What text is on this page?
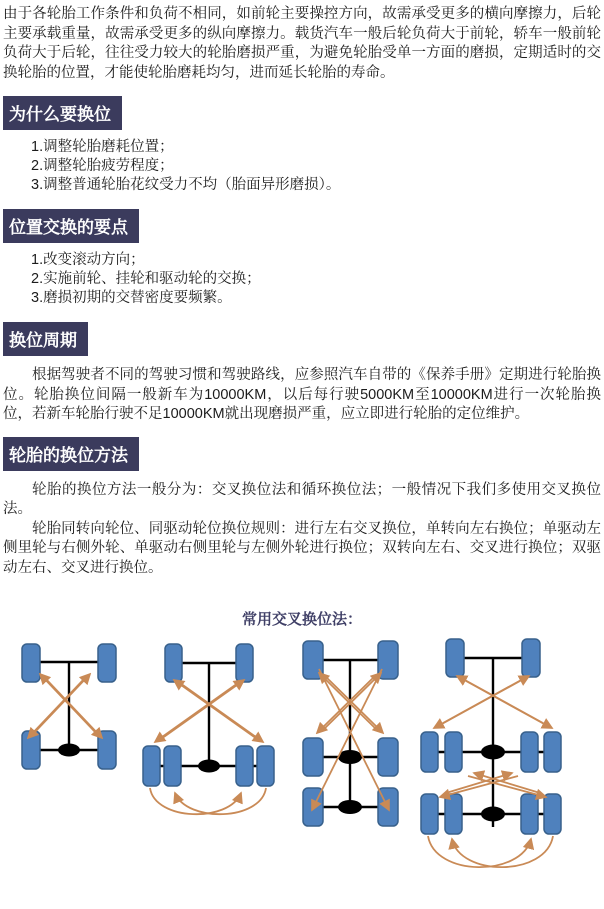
由于各轮胎工作条件和负荷不相同，如前轮主要操控方向，故需承受更多的横向摩擦力，后轮主要承载重量，故需承受更多的纵向摩擦力。载货汽车一般后轮负荷大于前轮，轿车一般前轮负荷大于后轮，往往受力较大的轮胎磨损严重，为避免轮胎受单一方面的磨损，定期适时的交换轮胎的位置，才能使轮胎磨耗均匀，进而延长轮胎的寿命。

为什么要换位
1.调整轮胎磨耗位置；
2.调整轮胎疲劳程度；
3.调整普通轮胎花纹受力不均（胎面异形磨损）。
位置交换的要点
1.改变滚动方向；
2.实施前轮、挂轮和驱动轮的交换；
3.磨损初期的交替密度要频繁。
换位周期

根据驾驶者不同的驾驶习惯和驾驶路线，应参照汽车自带的《保养手册》定期进行轮胎换位。轮胎换位间隔一般新车为10000KM，以后每行驶5000KM至10000KM进行一次轮胎换位，若新车轮胎行驶不足10000KM就出现磨损严重，应立即进行轮胎的定位维护。

轮胎的换位方法

轮胎的换位方法一般分为：交叉换位法和循环换位法；一般情况下我们多使用交叉换位法。

轮胎同转向轮位、同驱动轮位换位规则：进行左右交叉换位，单转向左右换位；单驱动左侧里轮与右侧外轮、单驱动右侧里轮与左侧外轮进行换位；双转向左右、交叉进行换位；双驱动左右、交叉进行换位。

常用交叉换位法：
